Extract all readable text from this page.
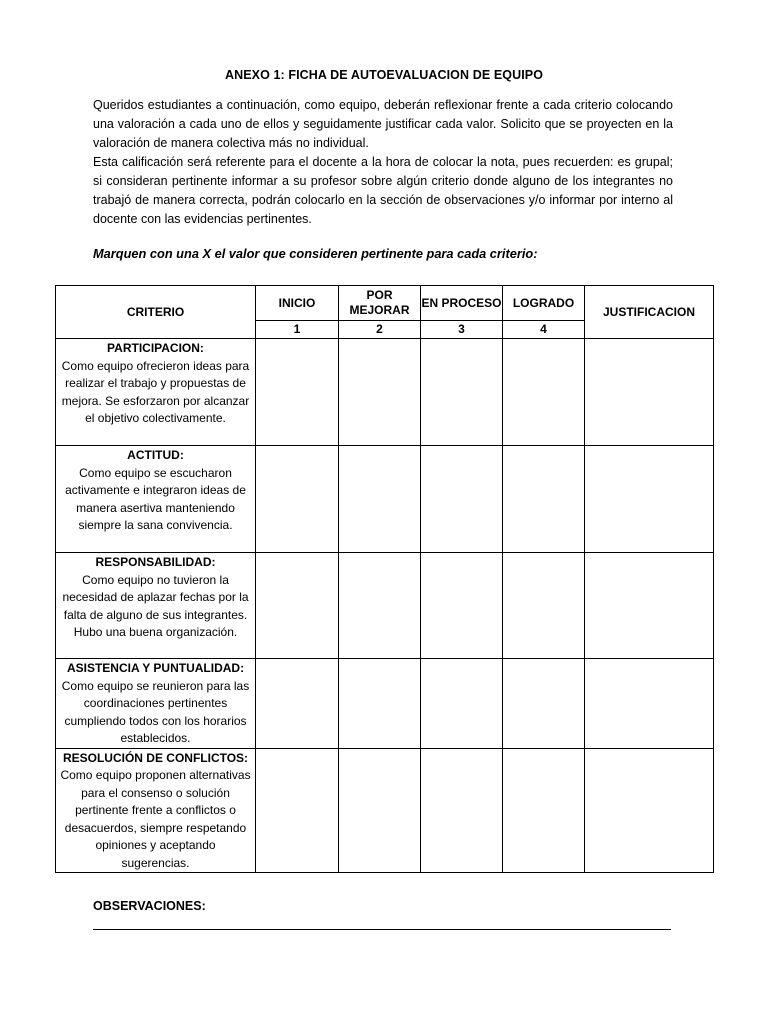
ANEXO 1: FICHA DE AUTOEVALUACION DE EQUIPO

Queridos estudiantes a continuación, como equipo, deberán reflexionar frente a cada criterio colocando una valoración a cada uno de ellos y seguidamente justificar cada valor. Solicito que se proyecten en la valoración de manera colectiva más no individual.

Esta calificación será referente para el docente a la hora de colocar la nota, pues recuerden: es grupal; si consideran pertinente informar a su profesor sobre algún criterio donde alguno de los integrantes no trabajó de manera correcta, podrán colocarlo en la sección de observaciones y/o informar por interno al docente con las evidencias pertinentes.

Marquen con una X el valor que consideren pertinente para cada criterio:
CRITERIO	INICIO	POR MEJORAR	EN PROCESO	LOGRADO	JUSTIFICACION
	1	2	3	4	

PARTICIPACION:
Como equipo ofrecieron ideas para realizar el trabajo y propuestas de mejora. Se esforzaron por alcanzar el objetivo colectivamente.					

ACTITUD:
Como equipo se escucharon activamente e integraron ideas de manera asertiva manteniendo siempre la sana convivencia.					

RESPONSABILIDAD:
Como equipo no tuvieron la necesidad de aplazar fechas por la falta de alguno de sus integrantes. Hubo una buena organización.					

ASISTENCIA Y PUNTUALIDAD:
Como equipo se reunieron para las coordinaciones pertinentes cumpliendo todos con los horarios establecidos.					

RESOLUCIÓN DE CONFLICTOS:
Como equipo proponen alternativas para el consenso o solución pertinente frente a conflictos o desacuerdos, siempre respetando opiniones y aceptando sugerencias.					

OBSERVACIONES:
